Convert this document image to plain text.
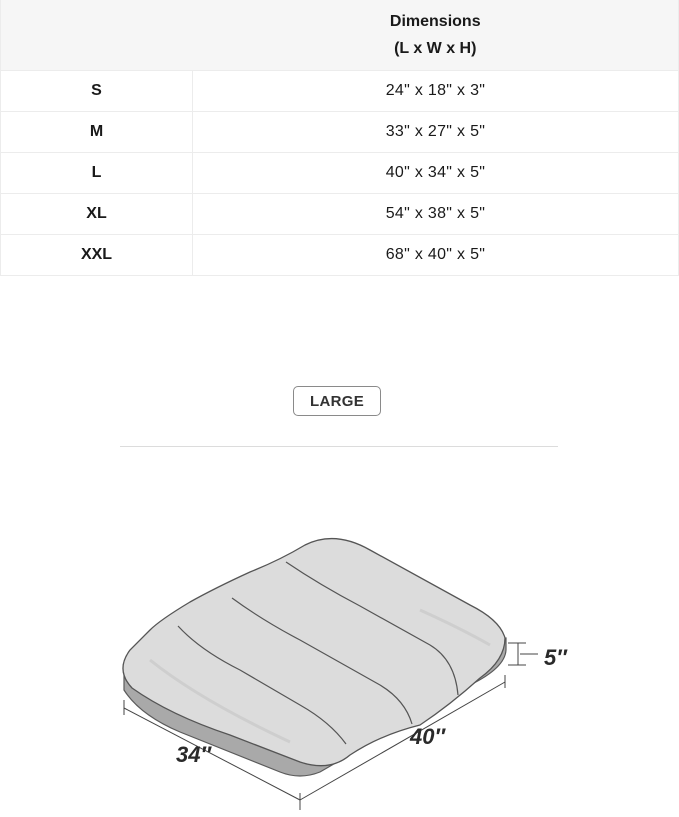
	Dimensions
(L x W x H)

S	24" x 18" x 3"
M	33" x 27" x 5"
L	40" x 34" x 5"
XL	54" x 38" x 5"
XXL	68" x 40" x 5"
LARGE
5″
34″
40″
